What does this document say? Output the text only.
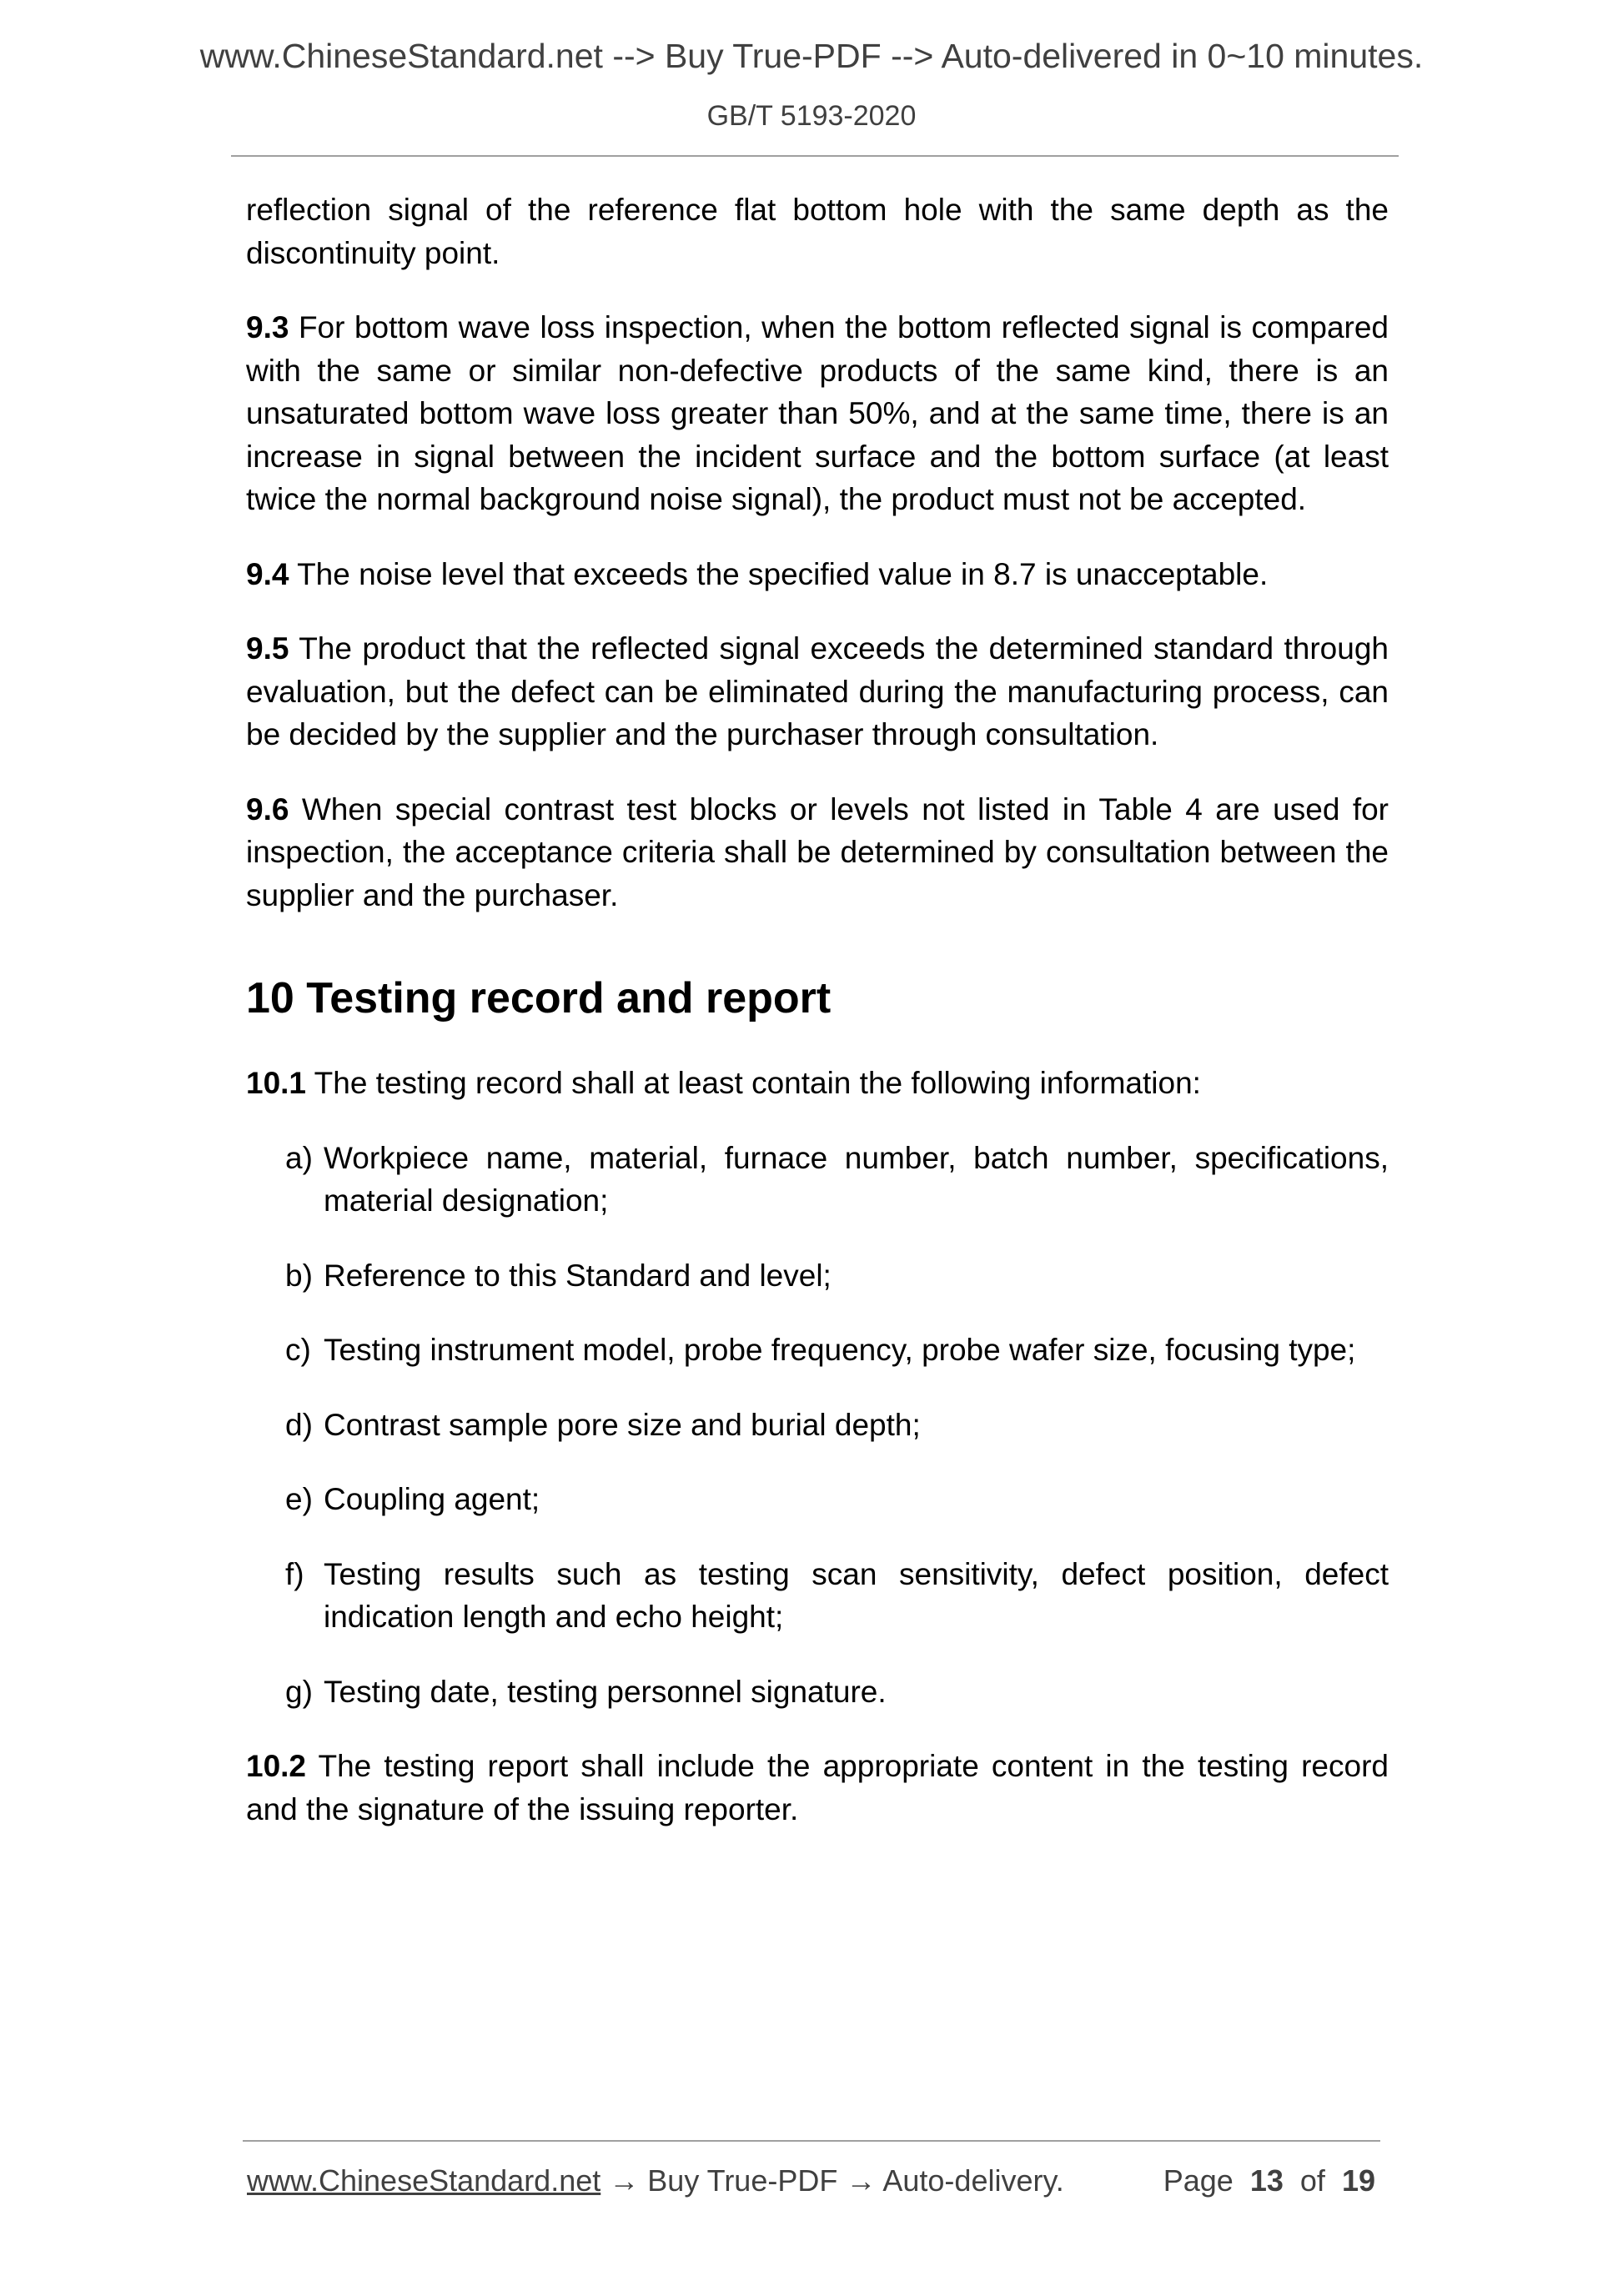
www.ChineseStandard.net --> Buy True-PDF --> Auto-delivered in 0~10 minutes.
GB/T 5193-2020

reflection signal of the reference flat bottom hole with the same depth as the discontinuity point.

9.3 For bottom wave loss inspection, when the bottom reflected signal is compared with the same or similar non-defective products of the same kind, there is an unsaturated bottom wave loss greater than 50%, and at the same time, there is an increase in signal between the incident surface and the bottom surface (at least twice the normal background noise signal), the product must not be accepted.

9.4 The noise level that exceeds the specified value in 8.7 is unacceptable.

9.5 The product that the reflected signal exceeds the determined standard through evaluation, but the defect can be eliminated during the manufacturing process, can be decided by the supplier and the purchaser through consultation.

9.6 When special contrast test blocks or levels not listed in Table 4 are used for inspection, the acceptance criteria shall be determined by consultation between the supplier and the purchaser.

10 Testing record and report

10.1 The testing record shall at least contain the following information:

a) Workpiece name, material, furnace number, batch number, specifications, material designation;
b) Reference to this Standard and level;
c) Testing instrument model, probe frequency, probe wafer size, focusing type;
d) Contrast sample pore size and burial depth;
e) Coupling agent;
f) Testing results such as testing scan sensitivity, defect position, defect indication length and echo height;
g) Testing date, testing personnel signature.

10.2 The testing report shall include the appropriate content in the testing record and the signature of the issuing reporter.

www.ChineseStandard.net → Buy True-PDF → Auto-delivery.	Page 13 of 19
